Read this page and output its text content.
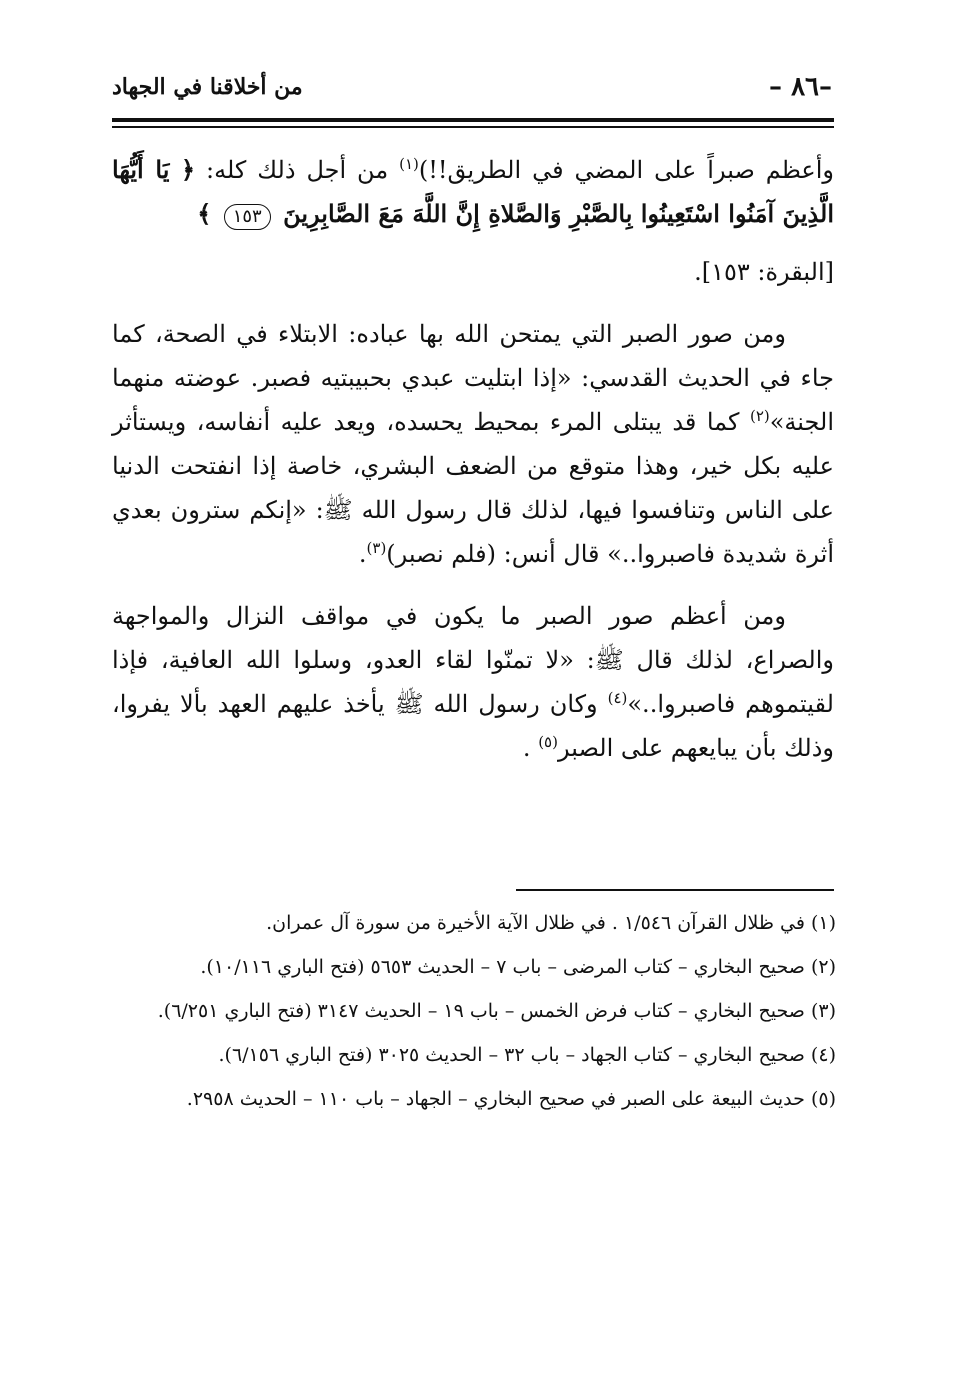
–٨٦ –
من أخلاقنا في الجهاد

وأعظم صبراً على المضي في الطريق!!)$^{(١)}$ من أجل ذلك كله: ﴿ يَا أَيُّهَا الَّذِينَ آمَنُوا اسْتَعِينُوا بِالصَّبْرِ وَالصَّلاةِ إِنَّ اللَّهَ مَعَ الصَّابِرِينَ ١٥٣ ﴾

[البقرة: ١٥٣].

ومن صور الصبر التي يمتحن الله بها عباده: الابتلاء في الصحة، كما جاء في الحديث القدسي: «إذا ابتليت عبدي بحبيبتيه فصبر. عوضته منهما الجنة»$^{(٢)}$ كما قد يبتلى المرء بمحيط يحسده، ويعد عليه أنفاسه، ويستأثر عليه بكل خير، وهذا متوقع من الضعف البشري، خاصة إذا انفتحت الدنيا على الناس وتنافسوا فيها، لذلك قال رسول الله ﷺ: «إنكم سترون بعدي أثرة شديدة فاصبروا..» قال أنس: (فلم نصبر)$^{(٣)}$.

ومن أعظم صور الصبر ما يكون في مواقف النزال والمواجهة والصراع، لذلك قال ﷺ: «لا تمنّوا لقاء العدو، وسلوا الله العافية، فإذا لقيتموهم فاصبروا..»$^{(٤)}$ وكان رسول الله ﷺ يأخذ عليهم العهد بألا يفروا، وذلك بأن يبايعهم على الصبر$^{(٥)}$ .

(١) في ظلال القرآن ١/٥٤٦ . في ظلال الآية الأخيرة من سورة آل عمران.

(٢) صحيح البخاري – كتاب المرضى – باب ٧ – الحديث ٥٦٥٣ (فتح الباري ١٠/١١٦).

(٣) صحيح البخاري – كتاب فرض الخمس – باب ١٩ – الحديث ٣١٤٧ (فتح الباري ٦/٢٥١).

(٤) صحيح البخاري – كتاب الجهاد – باب ٣٢ – الحديث ٣٠٢٥ (فتح الباري ٦/١٥٦).

(٥) حديث البيعة على الصبر في صحيح البخاري – الجهاد – باب ١١٠ – الحديث ٢٩٥٨.
